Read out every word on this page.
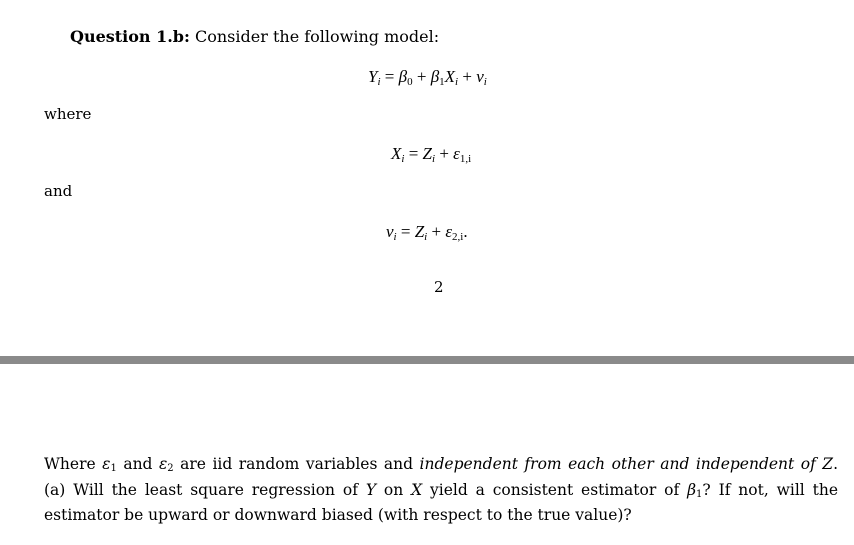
Question 1.b: Consider the following model:
$Y_i = \beta_0 + \beta_1X_i + v_i$
where
$X_i = Z_i + \varepsilon_{1,i}$
and
$v_i = Z_i + \varepsilon_{2,i}$.
2
Where $\varepsilon_1$ and $\varepsilon_2$ are iid random variables and independent from each other and independent of Z. (a) Will the least square regression of Y on X yield a consistent estimator of $\beta_1$? If not, will the estimator be upward or downward biased (with respect to the true value)?
